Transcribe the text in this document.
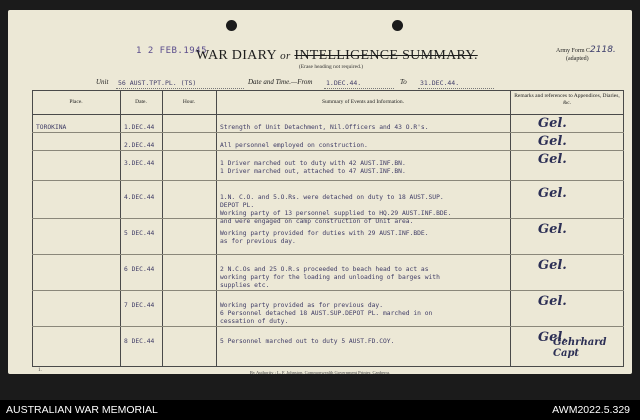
1 2 FEB.1945
WAR DIARY or INTELLIGENCE SUMMARY.
(Erase heading not required.)
Army Form C2118.
(adapted)
Unit 56 AUST.TPT.PL. (TS)	Date and Time.—From 1.DEC.44.	To 31.DEC.44.
Place.	Date.	Hour.	Summary of Events and Information.
Remarks and references to Appendices, Diaries, &c.
TOROKINA	1.DEC.44	Strength of Unit Detachment, Nil.Officers and 43 O.R's.	Gel.
2.DEC.44	All personnel employed on construction.	Gel.
3.DEC.44	1 Driver marched out to duty with 42 AUST.INF.BN.
1 Driver marched out, attached to 47 AUST.INF.BN.
Gel.
4.DEC.44	1.N. C.O. and 5.O.Rs. were detached on duty to 18 AUST.SUP.
DEPOT PL.
Working party of 13 personnel supplied to HQ.29 AUST.INF.BDE.
and were engaged on camp construction of Unit area.
Gel.
5 DEC.44	Working party provided for duties with 29 AUST.INF.BDE.
as for previous day.
Gel.
6 DEC.44	2 N.C.Os and 25 O.R.s proceeded to beach head to act as
working party for the loading and unloading of barges with
supplies etc.
Gel.
7 DEC.44	Working party provided as for previous day.
6 Personnel detached 18 AUST.SUP.DEPOT PL. marched in on
cessation of duty.
Gel.
8 DEC.44	5 Personnel marched out to duty 5 AUST.FD.COY.	Gel.
Gehrhard Capt
By Authority : L. F. Johnston, Commonwealth Government Printer, Canberra.
1.
AUSTRALIAN WAR MEMORIAL	AWM2022.5.329
